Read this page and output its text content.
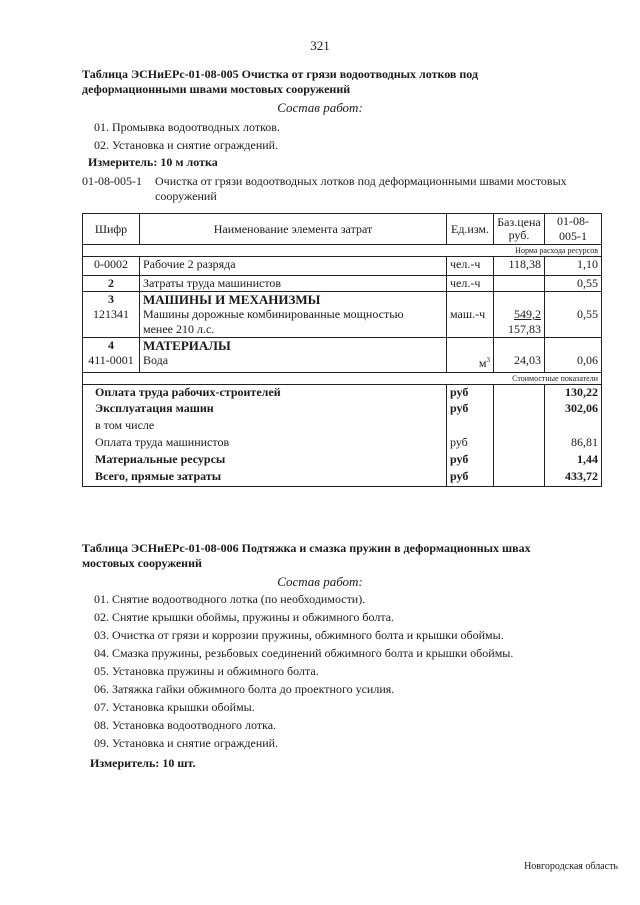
321
Таблица ЭСНиЕРс-01-08-005 Очистка от грязи водоотводных лотков под
деформационными швами мостовых сооружений
Состав работ:
01. Промывка водоотводных лотков.
02. Установка и снятие ограждений.
Измеритель: 10 м лотка
01-08-005-1 Очистка от грязи водоотводных лотков под деформационными швами мостовых сооружений
Шифр	Наименование элемента затрат	Ед.изм.	Баз.цена руб.	01-08-005-1
Норма расхода ресурсов				
0-0002	Рабочие 2 разряда	чел.-ч	118,38	1,10
2	Затраты труда машинистов	чел.-ч		0,55
3	МАШИНЫ И МЕХАНИЗМЫ			
121341	Машины дорожные комбинированные мощностью	маш.-ч	549,2	0,55
	менее 210 л.с.		157,83	
4	МАТЕРИАЛЫ			
411-0001	Вода	$м^3$	24,03	0,06
Стоимостные показатели				
Оплата труда рабочих-строителей		руб		130,22
Эксплуатация машин		руб		302,06
в том числе				
Оплата труда машинистов		руб		86,81
Материальные ресурсы		руб		1,44
Всего, прямые затраты		руб		433,72
Таблица ЭСНиЕРс-01-08-006 Подтяжка и смазка пружин в деформационных швах
мостовых сооружений
Состав работ:
01. Снятие водоотводного лотка (по необходимости).
02. Снятие крышки обоймы, пружины и обжимного болта.
03. Очистка от грязи и коррозии пружины, обжимного болта и крышки обоймы.
04. Смазка пружины, резьбовых соединений обжимного болта и крышки обоймы.
05. Установка пружины и обжимного болта.
06. Затяжка гайки обжимного болта до проектного усилия.
07. Установка крышки обоймы.
08. Установка водоотводного лотка.
09. Установка и снятие ограждений.
Измеритель: 10 шт.
Новгородская область
